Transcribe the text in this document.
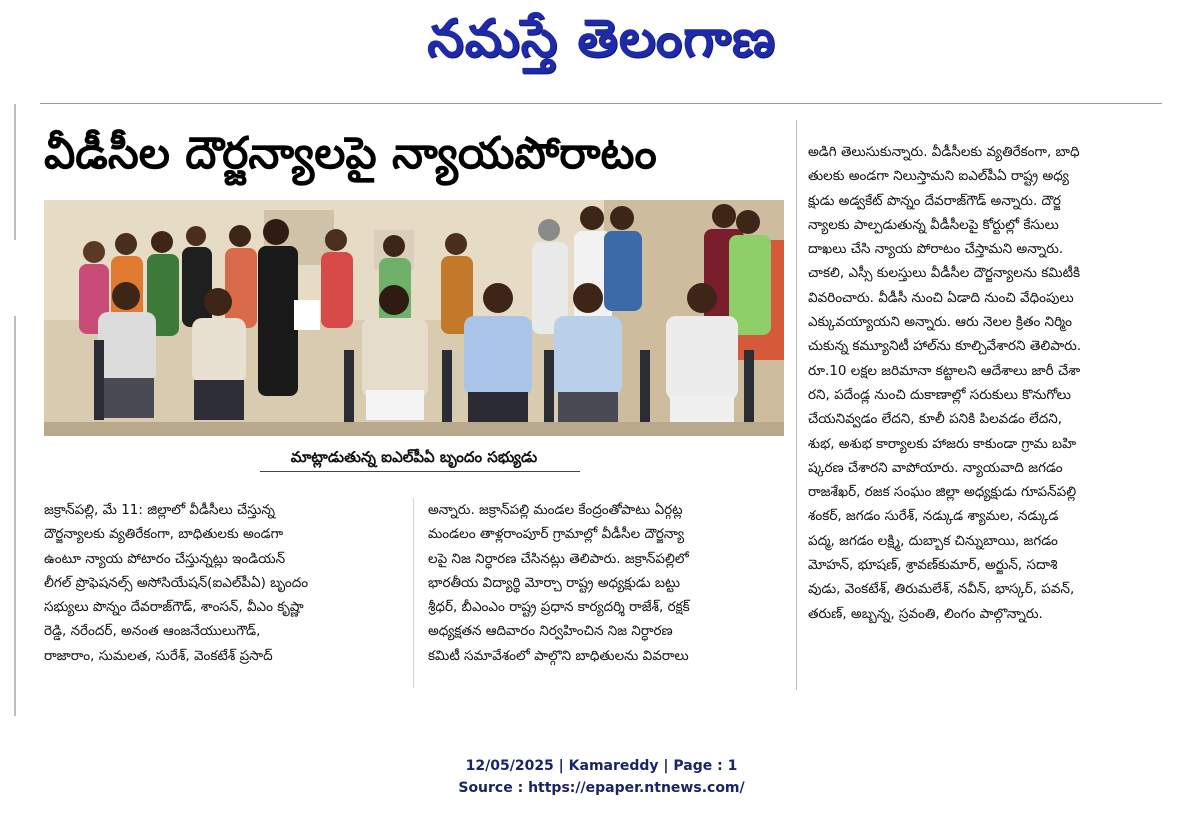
నమస్తే తెలంగాణ
వీడీసీల దౌర్జన్యాలపై న్యాయపోరాటం
మాట్లాడుతున్న ఐఎల్‌పీఏ బృందం సభ్యుడు
జక్రాన్‌పల్లి, మే 11: జిల్లాలో వీడీసీలు చేస్తున్న
దౌర్జన్యాలకు వ్యతిరేకంగా, బాధితులకు అండగా
ఉంటూ న్యాయ పోటారం చేస్తున్నట్లు ఇండియన్
లీగల్ ప్రొఫెషనల్స్ అసోసియేషన్(ఐఎల్‌పీఏ) బృందం
సభ్యులు పొన్నం దేవరాజ్‌గౌడ్, శాంసన్, వీఎం కృష్ణా
రెడ్డి, నరేందర్, అనంత ఆంజనేయులుగౌడ్,
రాజారాం, సుమలత, సురేశ్, వెంకటేశ్ ప్రసాద్
అన్నారు. జక్రాన్‌పల్లి మండల కేంద్రంతోపాటు ఏర్గట్ల
మండలం తాళ్లరాంపూర్ గ్రామాల్లో వీడీసీల దౌర్జన్యా
లపై నిజ నిర్ధారణ చేసినట్లు తెలిపారు. జక్రాన్‌పల్లిలో
భారతీయ విద్యార్థి మోర్చా రాష్ట్ర అధ్యక్షుడు బట్టు
శ్రీధర్, బీఎంఎం రాష్ట్ర ప్రధాన కార్యదర్శి రాజేశ్, రక్షక్
అధ్యక్షతన ఆదివారం నిర్వహించిన నిజ నిర్ధారణ
కమిటీ సమావేశంలో పాల్గొని బాధితులను వివరాలు
అడిగి తెలుసుకున్నారు. వీడీసీలకు వ్యతిరేకంగా, బాధి
తులకు అండగా నిలుస్తామని ఐఎల్‌పీఏ రాష్ట్ర అధ్య
క్షుడు అడ్వకేట్ పొన్నం దేవరాజ్‌గౌడ్ అన్నారు. దౌర్జ
న్యాలకు పాల్పడుతున్న వీడీసీలపై కోర్టుల్లో కేసులు
దాఖలు చేసి న్యాయ పోరాటం చేస్తామని అన్నారు.
చాకలి, ఎస్సీ కులస్తులు వీడీసీల దౌర్జన్యాలను కమిటీకి
వివరించారు. వీడీసీ నుంచి ఏడాది నుంచి వేధింపులు
ఎక్కువయ్యాయని అన్నారు. ఆరు నెలల క్రితం నిర్మిం
చుకున్న కమ్యూనిటీ హాల్‌ను కూల్చివేశారని తెలిపారు.
రూ.10 లక్షల జరిమానా కట్టాలని ఆదేశాలు జారీ చేశా
రని, పదేండ్ల నుంచి దుకాణాల్లో సరుకులు కొనుగోలు
చేయనివ్వడం లేదని, కూలీ పనికి పిలవడం లేదని,
శుభ, అశుభ కార్యాలకు హాజరు కాకుండా గ్రామ బహి
ష్కరణ చేశారని వాపోయారు. న్యాయవాది జగడం
రాజశేఖర్, రజక సంఘం జిల్లా అధ్యక్షుడు గూపన్‌పల్లి
శంకర్, జగడం సురేశ్, నడ్కుడ శ్యామల, నడ్కుడ
పద్మ, జగడం లక్ష్మి, దుబ్బాక చిన్నుబాయి, జగడం
మోహన్, భూషణ్, శ్రావణ్‌కుమార్, అర్జున్, సదాశి
వుడు, వెంకటేశ్, తిరుమలేశ్, నవీన్, భాస్కర్, పవన్,
తరుణ్, అబ్బన్న, స్రవంతి, లింగం పాల్గొన్నారు.
12/05/2025 | Kamareddy | Page : 1
Source : https://epaper.ntnews.com/
